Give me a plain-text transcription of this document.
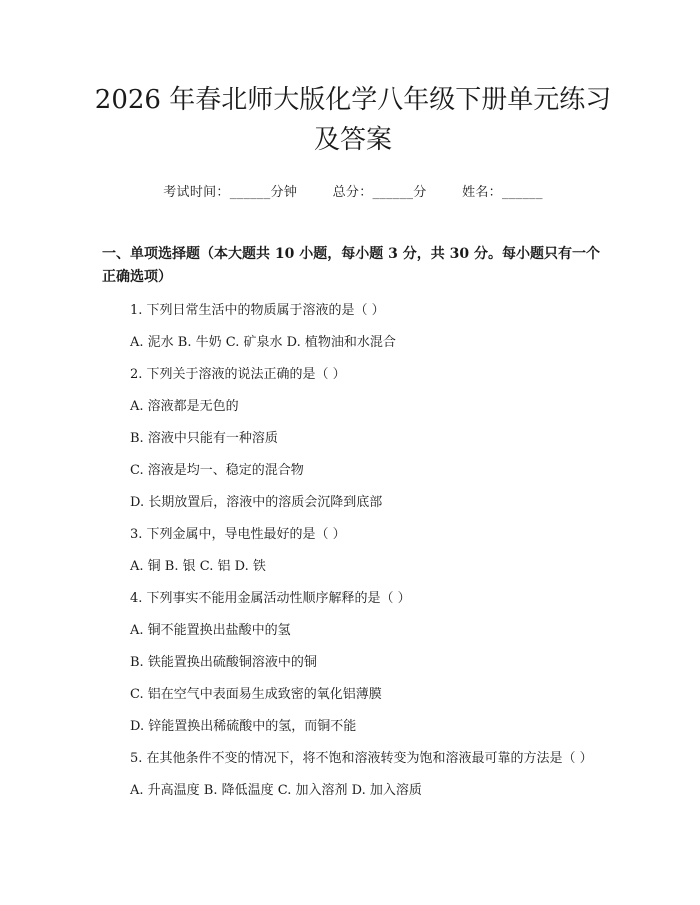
2026 年春北师大版化学八年级下册单元练习
及答案
考试时间：______分钟	总分：______分	姓名：______
一、单项选择题（本大题共 10 小题，每小题 3 分，共 30 分。每小题只有一个正确选项）
1. 下列日常生活中的物质属于溶液的是（ ）
A. 泥水 B. 牛奶 C. 矿泉水 D. 植物油和水混合
2. 下列关于溶液的说法正确的是（ ）
A. 溶液都是无色的
B. 溶液中只能有一种溶质
C. 溶液是均一、稳定的混合物
D. 长期放置后，溶液中的溶质会沉降到底部
3. 下列金属中，导电性最好的是（ ）
A. 铜 B. 银 C. 铝 D. 铁
4. 下列事实不能用金属活动性顺序解释的是（ ）
A. 铜不能置换出盐酸中的氢
B. 铁能置换出硫酸铜溶液中的铜
C. 铝在空气中表面易生成致密的氧化铝薄膜
D. 锌能置换出稀硫酸中的氢，而铜不能
5. 在其他条件不变的情况下，将不饱和溶液转变为饱和溶液最可靠的方法是（ ）
A. 升高温度 B. 降低温度 C. 加入溶剂 D. 加入溶质
